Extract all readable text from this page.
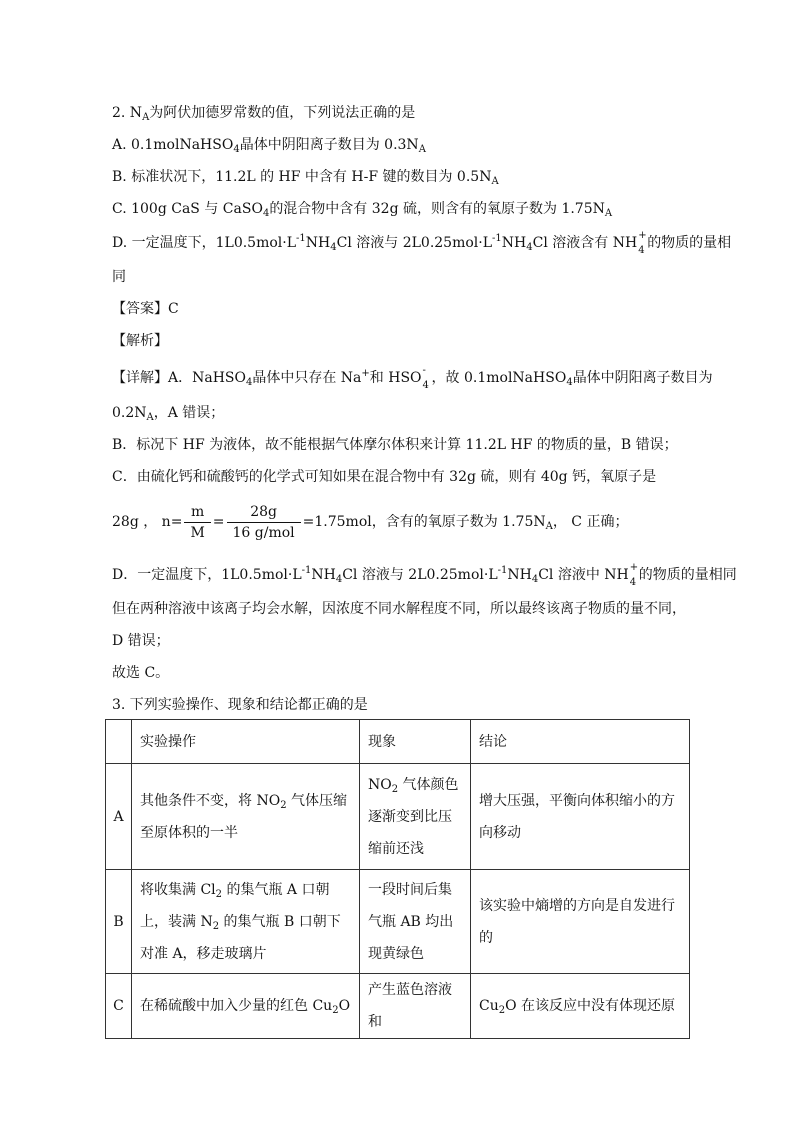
2. $N_A$为阿伏加德罗常数的值，下列说法正确的是
A. 0.1molNaHSO$_4$晶体中阴阳离子数目为 $0.3N_A$
B. 标准状况下，11.2L 的 HF 中含有 H-F 键的数目为 $0.5N_A$
C. 100g CaS 与 CaSO$_4$的混合物中含有 32g 硫，则含有的氧原子数为 $1.75N_A$
D. 一定温度下，$1L0.5mol\cdot L^{-1}NH_4Cl$ 溶液与 $2L0.25mol\cdot L^{-1}NH_4Cl$ 溶液含有 NH +
4 的物质的量相
同
【答案】C
【解析】
【详解】A．NaHSO$_4$晶体中只存在 Na+和 HSO -
4 ，故 0.1molNaHSO$_4$晶体中阴阳离子数目为
$0.2N_A$，A 错误；
B．标况下 HF 为液体，故不能根据气体摩尔体积来计算 11.2L HF 的物质的量，B 错误；
C．由硫化钙和硫酸钙的化学式可知如果在混合物中有 32g 硫，则有 40g 钙，氧原子是
28g ， $n= \frac{m}{M} = \frac{28g}{\text{16 g/mol}} =1.75mol$，含有的氧原子数为 $1.75N_A$， C 正确；
D．一定温度下，$1L0.5mol\cdot L^{-1}NH_4Cl$ 溶液与 $2L0.25mol\cdot L^{-1}NH_4Cl$ 溶液中 NH +
4 的物质的量相同
但在两种溶液中该离子均会水解，因浓度不同水解程度不同，所以最终该离子物质的量不同，
D 错误；
故选 C。
3. 下列实验操作、现象和结论都正确的是
	实验操作	现象	结论
A	其他条件不变，将 $NO_2$ 气体压缩至原体积的一半	$NO_2$ 气体颜色逐渐变到比压缩前还浅	增大压强，平衡向体积缩小的方向移动
B	将收集满 $Cl_2$ 的集气瓶 A 口朝上，装满 $N_2$ 的集气瓶 B 口朝下对准 A，移走玻璃片	一段时间后集气瓶 AB 均出现黄绿色	该实验中熵增的方向是自发进行的
C	在稀硫酸中加入少量的红色 $Cu_2O$	产生蓝色溶液和	$Cu_2O$ 在该反应中没有体现还原
